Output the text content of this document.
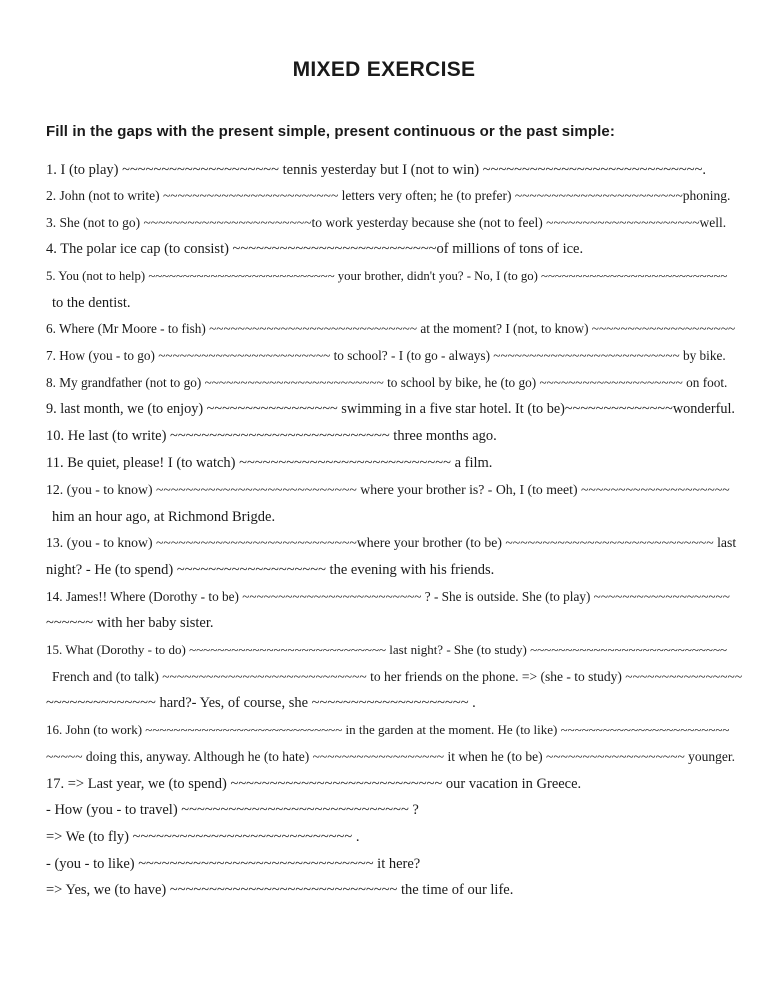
MIXED EXERCISE

Fill in the gaps with the present simple, present continuous or the past simple:

1. I (to play) ~~~~~~~~~~~~~~~~~~~~ tennis yesterday but I (not to win) ~~~~~~~~~~~~~~~~~~~~~~~~~~~~.

2. John (not to write) ~~~~~~~~~~~~~~~~~~~~~~~~ letters very often; he (to prefer) ~~~~~~~~~~~~~~~~~~~~~~~phoning.

3. She (not to go) ~~~~~~~~~~~~~~~~~~~~~~~to work yesterday because she (not to feel) ~~~~~~~~~~~~~~~~~~~~~well.

4. The polar ice cap (to consist) ~~~~~~~~~~~~~~~~~~~~~~~~~~of millions of tons of ice.

5. You (not to help) ~~~~~~~~~~~~~~~~~~~~~~~~~~~ your brother, didn't you? - No, I (to go) ~~~~~~~~~~~~~~~~~~~~~~~~~~~

to the dentist.

6. Where (Mr Moore - to fish) ~~~~~~~~~~~~~~~~~~~~~~~~~~~~~ at the moment? I (not, to know) ~~~~~~~~~~~~~~~~~~~~

7. How (you - to go) ~~~~~~~~~~~~~~~~~~~~~~~~ to school? - I (to go - always) ~~~~~~~~~~~~~~~~~~~~~~~~~~ by bike.

8. My grandfather (not to go) ~~~~~~~~~~~~~~~~~~~~~~~~~ to school by bike, he (to go) ~~~~~~~~~~~~~~~~~~~~ on foot.

9. last month, we (to enjoy) ~~~~~~~~~~~~~~~~~ swimming in a five star hotel. It (to be)~~~~~~~~~~~~~~wonderful.

10. He last (to write) ~~~~~~~~~~~~~~~~~~~~~~~~~~~~ three months ago.

11. Be quiet, please! I (to watch) ~~~~~~~~~~~~~~~~~~~~~~~~~~~ a film.

12. (you - to know) ~~~~~~~~~~~~~~~~~~~~~~~~~~~ where your brother is? - Oh, I (to meet) ~~~~~~~~~~~~~~~~~~~~

him an hour ago, at Richmond Brigde.

13. (you - to know) ~~~~~~~~~~~~~~~~~~~~~~~~~~~where your brother (to be) ~~~~~~~~~~~~~~~~~~~~~~~~~~~~ last

night? - He (to spend) ~~~~~~~~~~~~~~~~~~~ the evening with his friends.

14. James!! Where (Dorothy - to be) ~~~~~~~~~~~~~~~~~~~~~~~~~ ? - She is outside. She (to play) ~~~~~~~~~~~~~~~~~~~

~~~~~~ with her baby sister.

15. What (Dorothy - to do) ~~~~~~~~~~~~~~~~~~~~~~~~~~~~ last night? - She (to study) ~~~~~~~~~~~~~~~~~~~~~~~~~~~~

French and (to talk) ~~~~~~~~~~~~~~~~~~~~~~~~~~~~ to her friends on the phone. => (she - to study) ~~~~~~~~~~~~~~~~

~~~~~~~~~~~~~~ hard?- Yes, of course, she ~~~~~~~~~~~~~~~~~~~~ .

16. John (to work) ~~~~~~~~~~~~~~~~~~~~~~~~~~~~ in the garden at the moment. He (to like) ~~~~~~~~~~~~~~~~~~~~~~~~

~~~~~ doing this, anyway. Although he (to hate) ~~~~~~~~~~~~~~~~~~ it when he (to be) ~~~~~~~~~~~~~~~~~~~ younger.

17. => Last year, we (to spend) ~~~~~~~~~~~~~~~~~~~~~~~~~~~ our vacation in Greece.

- How (you - to travel) ~~~~~~~~~~~~~~~~~~~~~~~~~~~~~ ?

=> We (to fly) ~~~~~~~~~~~~~~~~~~~~~~~~~~~~ .

- (you - to like) ~~~~~~~~~~~~~~~~~~~~~~~~~~~~~~ it here?

=> Yes, we (to have) ~~~~~~~~~~~~~~~~~~~~~~~~~~~~~ the time of our life.
